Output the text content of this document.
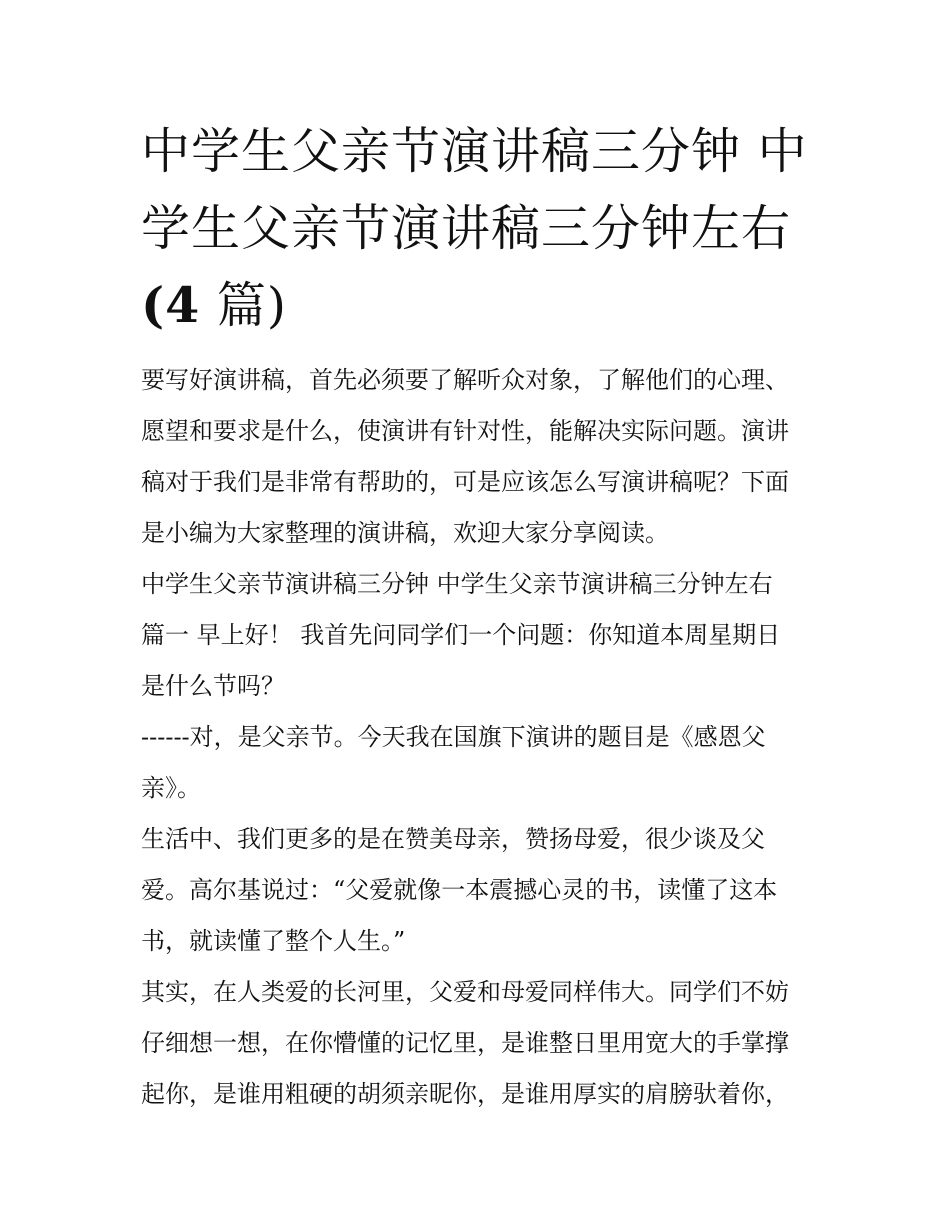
中学生父亲节演讲稿三分钟 中
学生父亲节演讲稿三分钟左右
(4 篇)
要写好演讲稿，首先必须要了解听众对象，了解他们的心理、
愿望和要求是什么，使演讲有针对性，能解决实际问题。演讲
稿对于我们是非常有帮助的，可是应该怎么写演讲稿呢？下面
是小编为大家整理的演讲稿，欢迎大家分享阅读。
中学生父亲节演讲稿三分钟 中学生父亲节演讲稿三分钟左右
篇一 早上好！ 我首先问同学们一个问题：你知道本周星期日
是什么节吗？
------对，是父亲节。今天我在国旗下演讲的题目是《感恩父
亲》。
生活中、我们更多的是在赞美母亲，赞扬母爱，很少谈及父
爱。高尔基说过：“父爱就像一本震撼心灵的书，读懂了这本
书，就读懂了整个人生。”
其实，在人类爱的长河里，父爱和母爱同样伟大。同学们不妨
仔细想一想，在你懵懂的记忆里，是谁整日里用宽大的手掌撑
起你，是谁用粗硬的胡须亲昵你，是谁用厚实的肩膀驮着你，
